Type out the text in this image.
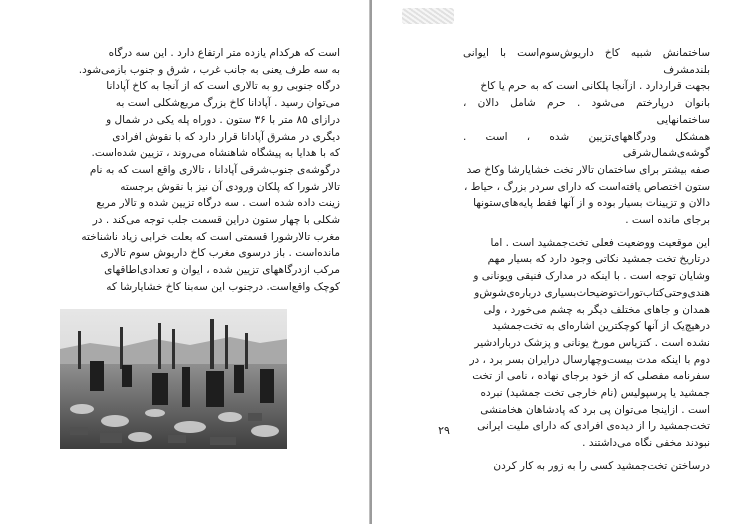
است که هرکدام یازده متر ارتفاع دارد . این سه درگاه
به سه طرف یعنی به جانب غرب ، شرق و جنوب بازمی‌شود.
درگاه جنوبی رو به تالاری است که از آنجا به کاخ آپادانا
می‌توان رسید . آپادانا کاخ بزرگ مربع‌شکلی است به
درازای ۸۵ متر با ۳۶ ستون . دوراه پله یکی در شمال و
دیگری در مشرق آپادانا قرار دارد که با نقوش افرادی
که با هدایا به پیشگاه شاهنشاه می‌روند ، تزیین شده‌است.
درگوشه‌ی جنوب‌شرقی آپادانا ، تالاری واقع است که به نام
تالار شورا که پلکان ورودی آن نیز با نقوش برجسته
زینت داده شده است . سه درگاه تزیین شده و تالار مربع
شکلی با چهار ستون دراین قسمت جلب توجه می‌کند . در
مغرب تالارشورا قسمتی است که بعلت خرابی زیاد ناشناخته
مانده‌است . باز درسوی مغرب کاخ داریوش سوم تالاری
مرکب ازدرگاههای تزیین شده ، ایوان و تعدادی‌اطاقهای
کوچک واقع‌است. درجنوب این سه‌بنا کاخ خشایارشا که

ساختمانش شبیه کاخ داریوش‌سوم‌است با ایوانی بلندمشرف
بجهت قراردارد . ازآنجا پلکانی است که به حرم یا کاخ
بانوان درپارختم می‌شود . حرم شامل دالان ، ساختمانهایی
همشکل ودرگاههای‌تزیین شده ، است . گوشه‌ی‌شمال‌شرقی
صفه بیشتر برای ساختمان تالار تخت خشایارشا وکاخ صد
ستون اختصاص یافته‌است که دارای سردر بزرگ ، حیاط ،
دالان و تزیینات بسیار بوده و از آنها فقط پایه‌های‌ستونها
برجای مانده است .

این موقعیت ووضعیت فعلی تخت‌جمشید است . اما
درتاریخ تخت جمشید نکاتی وجود دارد که بسیار مهم
وشایان توجه است . با اینکه در مدارک فنیقی ویونانی و
هندی‌وحتی‌کتاب‌تورات‌توضیحات‌بسیاری درباره‌ی‌شوش‌و
همدان و جاهای مختلف دیگر به چشم می‌خورد ، ولی
درهیچ‌یک از آنها کوچکترین اشاره‌ای به تخت‌جمشید
نشده است . کتزیاس مورخ یونانی و پزشک دربارادشیر
دوم با اینکه مدت بیست‌وچهارسال درایران بسر برد ، در
سفرنامه مفصلی که از خود برجای نهاده ، نامی از تخت
جمشید یا پرسپولیس (نام خارجی تخت جمشید) نبرده
است . ازاینجا می‌توان پی برد که پادشاهان هخامنشی
تخت‌جمشید را از دیده‌ی افرادی که دارای ملیت ایرانی
نبودند مخفی نگاه می‌داشتند .

درساختن تخت‌جمشید کسی را به زور به کار کردن

۲۹
